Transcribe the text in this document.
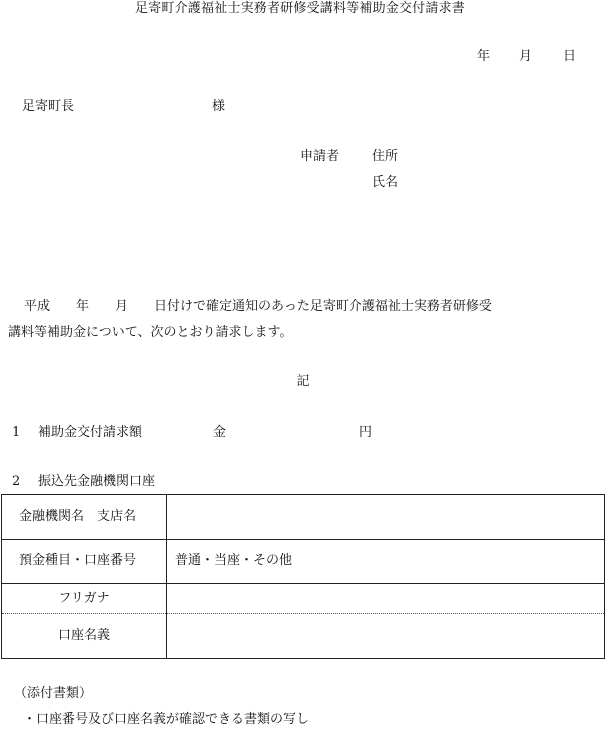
足寄町介護福祉士実務者研修受講料等補助金交付請求書
年 月 日
足寄町長	様
申請者	住所
氏名
平成　　年　　月　　日付けで確定通知のあった足寄町介護福祉士実務者研修受
講料等補助金について、次のとおり請求します。
記
1 補助金交付請求額	金	円
2 振込先金融機関口座
金融機関名　支店名
預金種目・口座番号	普通・当座・その他
フリガナ
口座名義
（添付書類）
・口座番号及び口座名義が確認できる書類の写し
